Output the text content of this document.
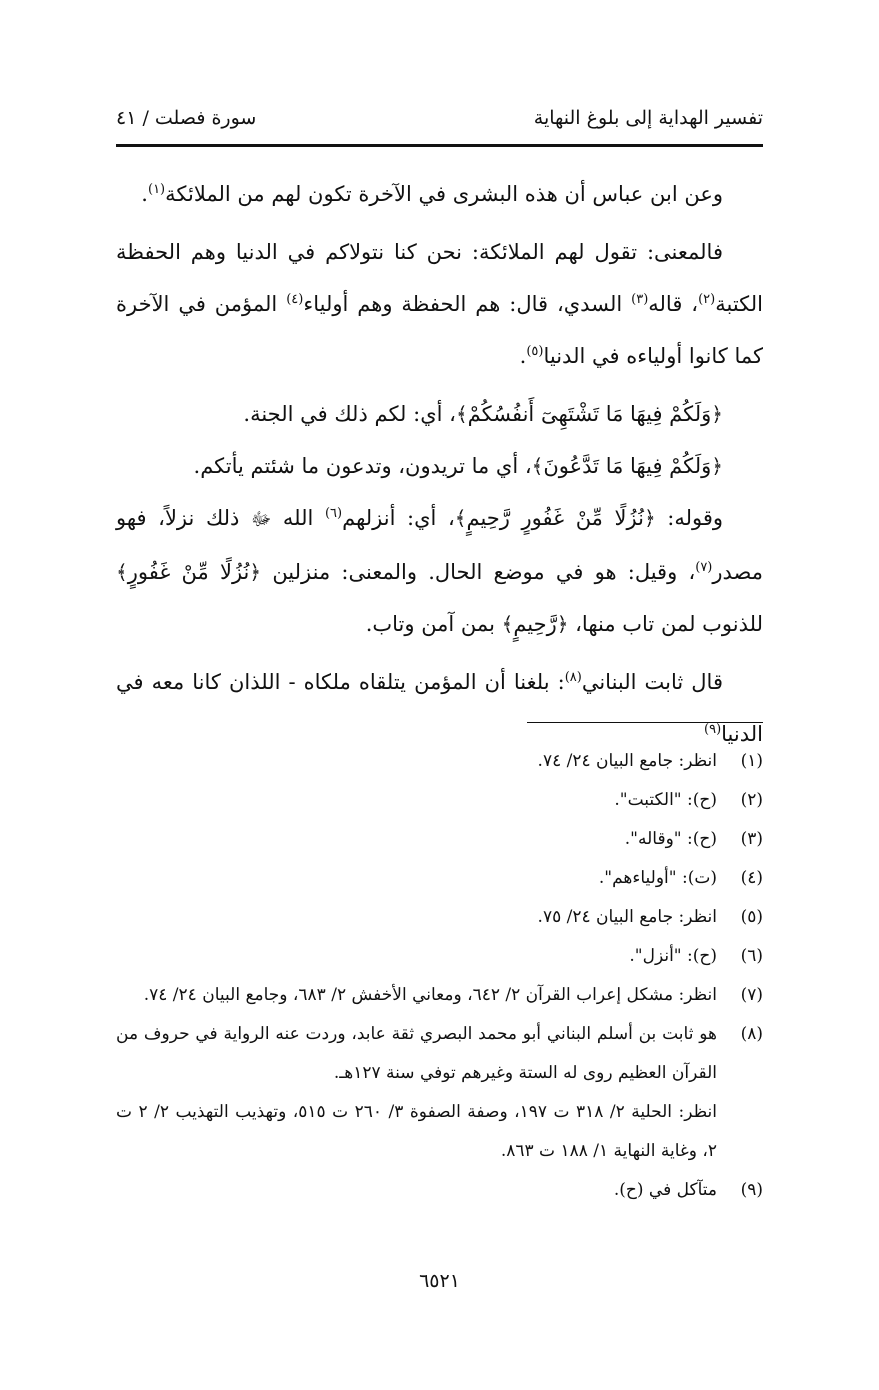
تفسير الهداية إلى بلوغ النهاية
سورة فصلت / ٤١

وعن ابن عباس أن هذه البشرى في الآخرة تكون لهم من الملائكة$^{(١)}$.

فالمعنى: تقول لهم الملائكة: نحن كنا نتولاكم في الدنيا وهم الحفظة الكتبة$^{(٢)}$، قاله$^{(٣)}$ السدي، قال: هم الحفظة وهم أولياء$^{(٤)}$ المؤمن في الآخرة كما كانوا أولياءه في الدنيا$^{(٥)}$.

﴿وَلَكُمْ فِيهَا مَا تَشْتَهِىٓ أَنفُسُكُمْ﴾، أي: لكم ذلك في الجنة.

﴿وَلَكُمْ فِيهَا مَا تَدَّعُونَ﴾، أي ما تريدون، وتدعون ما شئتم يأتكم.

وقوله: ﴿نُزُلًا مِّنْ غَفُورٍ رَّحِيمٍ﴾، أي: أنزلهم$^{(٦)}$ الله ﷻ ذلك نزلاً، فهو مصدر$^{(٧)}$، وقيل: هو في موضع الحال. والمعنى: منزلين ﴿نُزُلًا مِّنْ غَفُورٍ﴾ للذنوب لمن تاب منها، ﴿رَّحِيمٍ﴾ بمن آمن وتاب.

قال ثابت البناني$^{(٨)}$: بلغنا أن المؤمن يتلقاه ملكاه - اللذان كانا معه في الدنيا$^{(٩)}$

(١)
انظر: جامع البيان ٢٤/ ٧٤.
(٢)
(ح): "الكتبت".
(٣)
(ح): "وقاله".
(٤)
(ت): "أولياءهم".
(٥)
انظر: جامع البيان ٢٤/ ٧٥.
(٦)
(ح): "أنزل".
(٧)
انظر: مشكل إعراب القرآن ٢/ ٦٤٢، ومعاني الأخفش ٢/ ٦٨٣، وجامع البيان ٢٤/ ٧٤.
(٨)
هو ثابت بن أسلم البناني أبو محمد البصري ثقة عابد، وردت عنه الرواية في حروف من القرآن العظيم روى له الستة وغيرهم توفي سنة ١٢٧هـ.
انظر: الحلية ٢/ ٣١٨ ت ١٩٧، وصفة الصفوة ٣/ ٢٦٠ ت ٥١٥، وتهذيب التهذيب ٢/ ٢ ت ٢، وغاية النهاية ١/ ١٨٨ ت ٨٦٣.
(٩)
متآكل في (ح).
٦٥٢١
